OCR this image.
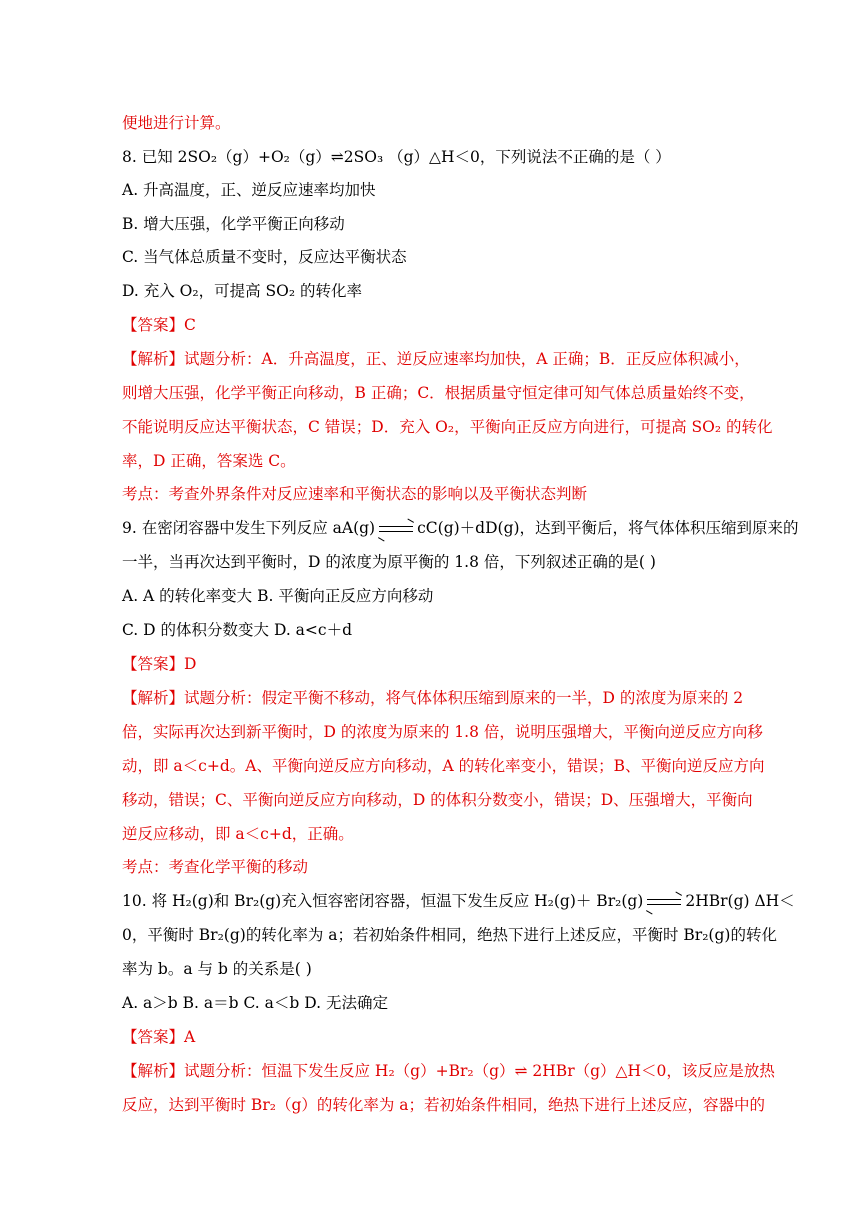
便地进行计算。
8. 已知 2SO₂（g）+O₂（g）⇌2SO₃ （g）△H＜0，下列说法不正确的是（ ）
A. 升高温度，正、逆反应速率均加快
B. 增大压强，化学平衡正向移动
C. 当气体总质量不变时，反应达平衡状态
D. 充入 O₂，可提高 SO₂ 的转化率
【答案】C
【解析】试题分析：A．升高温度，正、逆反应速率均加快，A 正确；B．正反应体积减小，
则增大压强，化学平衡正向移动，B 正确；C．根据质量守恒定律可知气体总质量始终不变，
不能说明反应达平衡状态，C 错误；D．充入 O₂，平衡向正反应方向进行，可提高 SO₂ 的转化
率，D 正确，答案选 C。
考点：考查外界条件对反应速率和平衡状态的影响以及平衡状态判断
9. 在密闭容器中发生下列反应 aA(g) → cC(g)＋dD(g)，达到平衡后，将气体体积压缩到原来的
一半，当再次达到平衡时，D 的浓度为原平衡的 1.8 倍，下列叙述正确的是( )
A. A 的转化率变大 B. 平衡向正反应方向移动
C. D 的体积分数变大 D. a<c＋d
【答案】D
【解析】试题分析：假定平衡不移动，将气体体积压缩到原来的一半，D 的浓度为原来的 2
倍，实际再次达到新平衡时，D 的浓度为原来的 1.8 倍，说明压强增大，平衡向逆反应方向移
动，即 a＜c+d。A、平衡向逆反应方向移动，A 的转化率变小，错误；B、平衡向逆反应方向
移动，错误；C、平衡向逆反应方向移动，D 的体积分数变小，错误；D、压强增大，平衡向
逆反应移动，即 a＜c+d，正确。
考点：考查化学平衡的移动
10. 将 H₂(g)和 Br₂(g)充入恒容密闭容器，恒温下发生反应 H₂(g)＋ Br₂(g) → 2HBr(g) ΔH＜
0，平衡时 Br₂(g)的转化率为 a；若初始条件相同，绝热下进行上述反应，平衡时 Br₂(g)的转化
率为 b。a 与 b 的关系是( )
A. a＞b B. a＝b C. a＜b D. 无法确定
【答案】A
【解析】试题分析：恒温下发生反应 H₂（g）+Br₂（g）⇌ 2HBr（g）△H＜0，该反应是放热
反应，达到平衡时 Br₂（g）的转化率为 a；若初始条件相同，绝热下进行上述反应，容器中的
